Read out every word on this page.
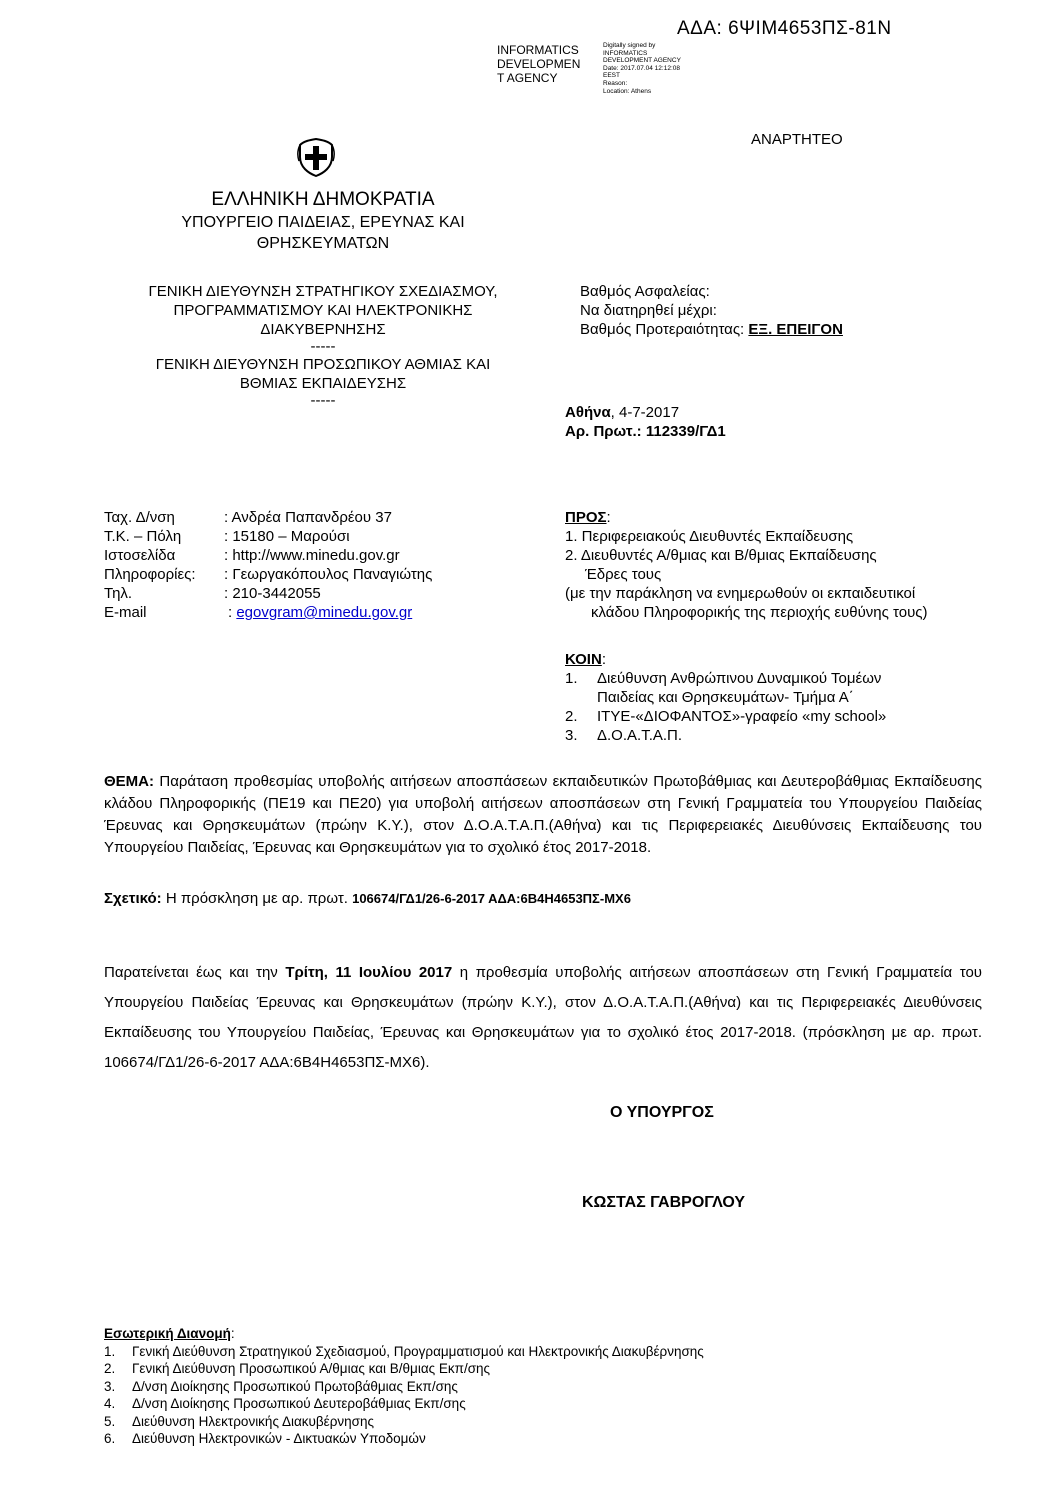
ΑΔΑ: 6ΨΙΜ4653ΠΣ-81Ν
INFORMATICS
DEVELOPMEN
T AGENCY
Digitally signed by
INFORMATICS
DEVELOPMENT AGENCY
Date: 2017.07.04 12:12:08
EEST
Reason:
Location: Athens
ΑΝΑΡΤΗΤΕΟ
ΕΛΛΗΝΙΚΗ ΔΗΜΟΚΡΑΤΙΑ
ΥΠΟΥΡΓΕΙΟ ΠΑΙΔΕΙΑΣ, ΕΡΕΥΝΑΣ ΚΑΙ
ΘΡΗΣΚΕΥΜΑΤΩΝ
ΓΕΝΙΚΗ ΔΙΕΥΘΥΝΣΗ ΣΤΡΑΤΗΓΙΚΟΥ ΣΧΕΔΙΑΣΜΟΥ,
ΠΡΟΓΡΑΜΜΑΤΙΣΜΟΥ ΚΑΙ ΗΛΕΚΤΡΟΝΙΚΗΣ
ΔΙΑΚΥΒΕΡΝΗΣΗΣ
-----
ΓΕΝΙΚΗ ΔΙΕΥΘΥΝΣΗ ΠΡΟΣΩΠΙΚΟΥ ΑΘΜΙΑΣ ΚΑΙ
ΒΘΜΙΑΣ ΕΚΠΑΙΔΕΥΣΗΣ
-----
Βαθμός Ασφαλείας:
Να διατηρηθεί μέχρι:
Βαθμός Προτεραιότητας: ΕΞ. ΕΠΕΙΓΟΝ
Αθήνα, 4-7-2017
Αρ. Πρωτ.: 112339/ΓΔ1
Ταχ. Δ/νση	: Ανδρέα Παπανδρέου 37
Τ.Κ. – Πόλη	: 15180 – Μαρούσι
Ιστοσελίδα	: http://www.minedu.gov.gr
Πληροφορίες: : Γεωργακόπουλος Παναγιώτης
Τηλ.	: 210-3442055
E-mail	: egovgram@minedu.gov.gr
ΠΡΟΣ:
1. Περιφερειακούς Διευθυντές Εκπαίδευσης
2. Διευθυντές Α/θμιας και Β/θμιας Εκπαίδευσης
Έδρες τους
(με την παράκληση να ενημερωθούν οι εκπαιδευτικοί
κλάδου Πληροφορικής της περιοχής ευθύνης τους)
ΚΟΙΝ:
1. Διεύθυνση Ανθρώπινου Δυναμικού Τομέων
Παιδείας και Θρησκευμάτων- Τμήμα Α΄
2. ΙΤΥΕ-«ΔΙΟΦΑΝΤΟΣ»-γραφείο «my school»
3. Δ.Ο.Α.Τ.Α.Π.
ΘΕΜΑ: Παράταση προθεσμίας υποβολής αιτήσεων αποσπάσεων εκπαιδευτικών Πρωτοβάθμιας και Δευτεροβάθμιας Εκπαίδευσης κλάδου Πληροφορικής (ΠΕ19 και ΠΕ20) για υποβολή αιτήσεων αποσπάσεων στη Γενική Γραμματεία του Υπουργείου Παιδείας Έρευνας και Θρησκευμάτων (πρώην Κ.Υ.), στον Δ.Ο.Α.Τ.Α.Π.(Αθήνα) και τις Περιφερειακές Διευθύνσεις Εκπαίδευσης του Υπουργείου Παιδείας, Έρευνας και Θρησκευμάτων για το σχολικό έτος 2017-2018.
Σχετικό: Η πρόσκληση με αρ. πρωτ. 106674/ΓΔ1/26-6-2017 ΑΔΑ:6Β4Η4653ΠΣ-ΜΧ6
Παρατείνεται έως και την Τρίτη, 11 Ιουλίου 2017 η προθεσμία υποβολής αιτήσεων αποσπάσεων στη Γενική Γραμματεία του Υπουργείου Παιδείας Έρευνας και Θρησκευμάτων (πρώην Κ.Υ.), στον Δ.Ο.Α.Τ.Α.Π.(Αθήνα) και τις Περιφερειακές Διευθύνσεις Εκπαίδευσης του Υπουργείου Παιδείας, Έρευνας και Θρησκευμάτων για το σχολικό έτος 2017-2018. (πρόσκληση με αρ. πρωτ. 106674/ΓΔ1/26-6-2017 ΑΔΑ:6Β4Η4653ΠΣ-ΜΧ6).
Ο ΥΠΟΥΡΓΟΣ
ΚΩΣΤΑΣ ΓΑΒΡΟΓΛΟΥ
Εσωτερική Διανομή:
1. Γενική Διεύθυνση Στρατηγικού Σχεδιασμού, Προγραμματισμού και Ηλεκτρονικής Διακυβέρνησης
2. Γενική Διεύθυνση Προσωπικού Α/θμιας και Β/θμιας Εκπ/σης
3. Δ/νση Διοίκησης Προσωπικού Πρωτοβάθμιας Εκπ/σης
4. Δ/νση Διοίκησης Προσωπικού Δευτεροβάθμιας Εκπ/σης
5. Διεύθυνση Ηλεκτρονικής Διακυβέρνησης
6. Διεύθυνση Ηλεκτρονικών - Δικτυακών Υποδομών
